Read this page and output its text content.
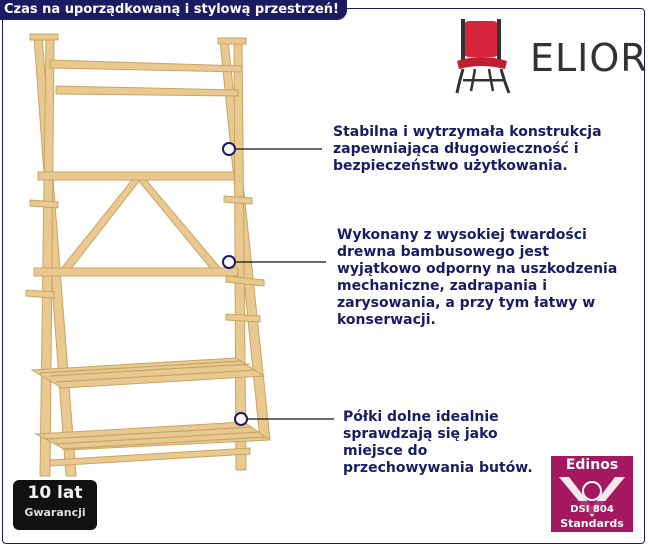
Czas na uporządkowaną i stylową przestrzeń!
ELIOR
Stabilna i wytrzymała konstrukcja zapewniająca długowieczność i bezpieczeństwo użytkowania.
Wykonany z wysokiej twardości drewna bambusowego jest wyjątkowo odporny na uszkodzenia mechaniczne, zadrapania i zarysowania, a przy tym łatwy w konserwacji.
Półki dolne idealnie sprawdzają się jako miejsce do przechowywania butów.
10 lat
Gwarancji
Edinos
DSI 804
Standards
